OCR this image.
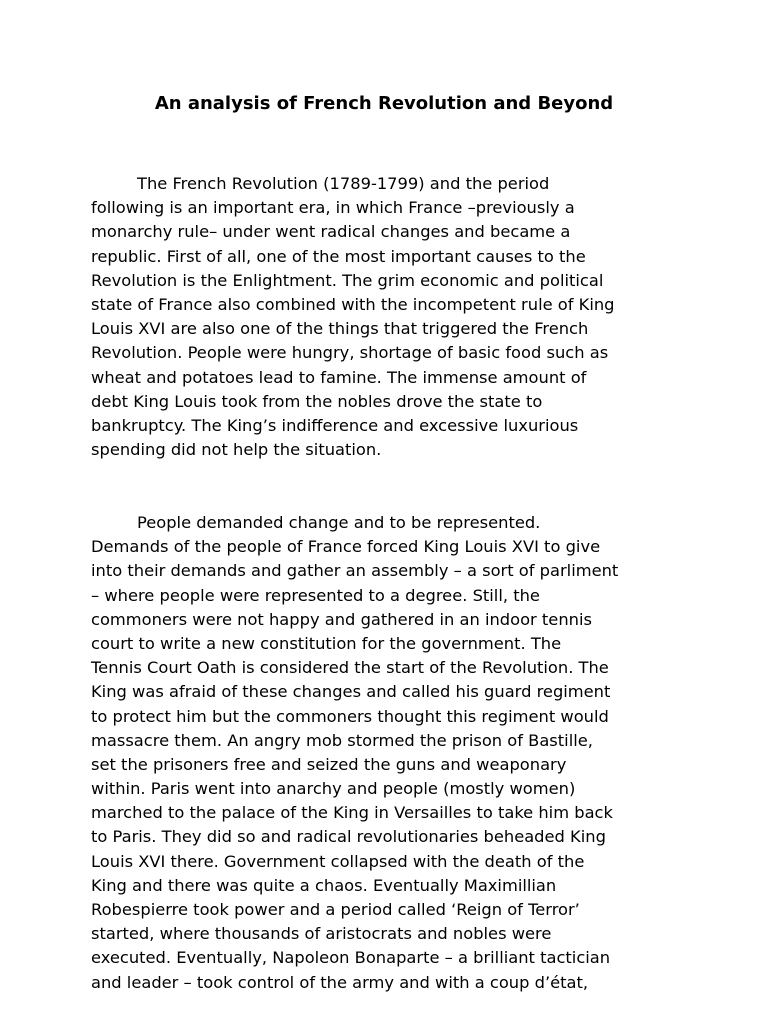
An analysis of French Revolution and Beyond
The French Revolution (1789-1799) and the period
following is an important era, in which France –previously a
monarchy rule– under went radical changes and became a
republic. First of all, one of the most important causes to the
Revolution is the Enlightment. The grim economic and political
state of France also combined with the incompetent rule of King
Louis XVI are also one of the things that triggered the French
Revolution. People were hungry, shortage of basic food such as
wheat and potatoes lead to famine. The immense amount of
debt King Louis took from the nobles drove the state to
bankruptcy. The King’s indifference and excessive luxurious
spending did not help the situation.
People demanded change and to be represented.
Demands of the people of France forced King Louis XVI to give
into their demands and gather an assembly – a sort of parliment
– where people were represented to a degree. Still, the
commoners were not happy and gathered in an indoor tennis
court to write a new constitution for the government. The
Tennis Court Oath is considered the start of the Revolution. The
King was afraid of these changes and called his guard regiment
to protect him but the commoners thought this regiment would
massacre them. An angry mob stormed the prison of Bastille,
set the prisoners free and seized the guns and weaponary
within. Paris went into anarchy and people (mostly women)
marched to the palace of the King in Versailles to take him back
to Paris. They did so and radical revolutionaries beheaded King
Louis XVI there. Government collapsed with the death of the
King and there was quite a chaos. Eventually Maximillian
Robespierre took power and a period called ‘Reign of Terror’
started, where thousands of aristocrats and nobles were
executed. Eventually, Napoleon Bonaparte – a brilliant tactician
and leader – took control of the army and with a coup d’état,
